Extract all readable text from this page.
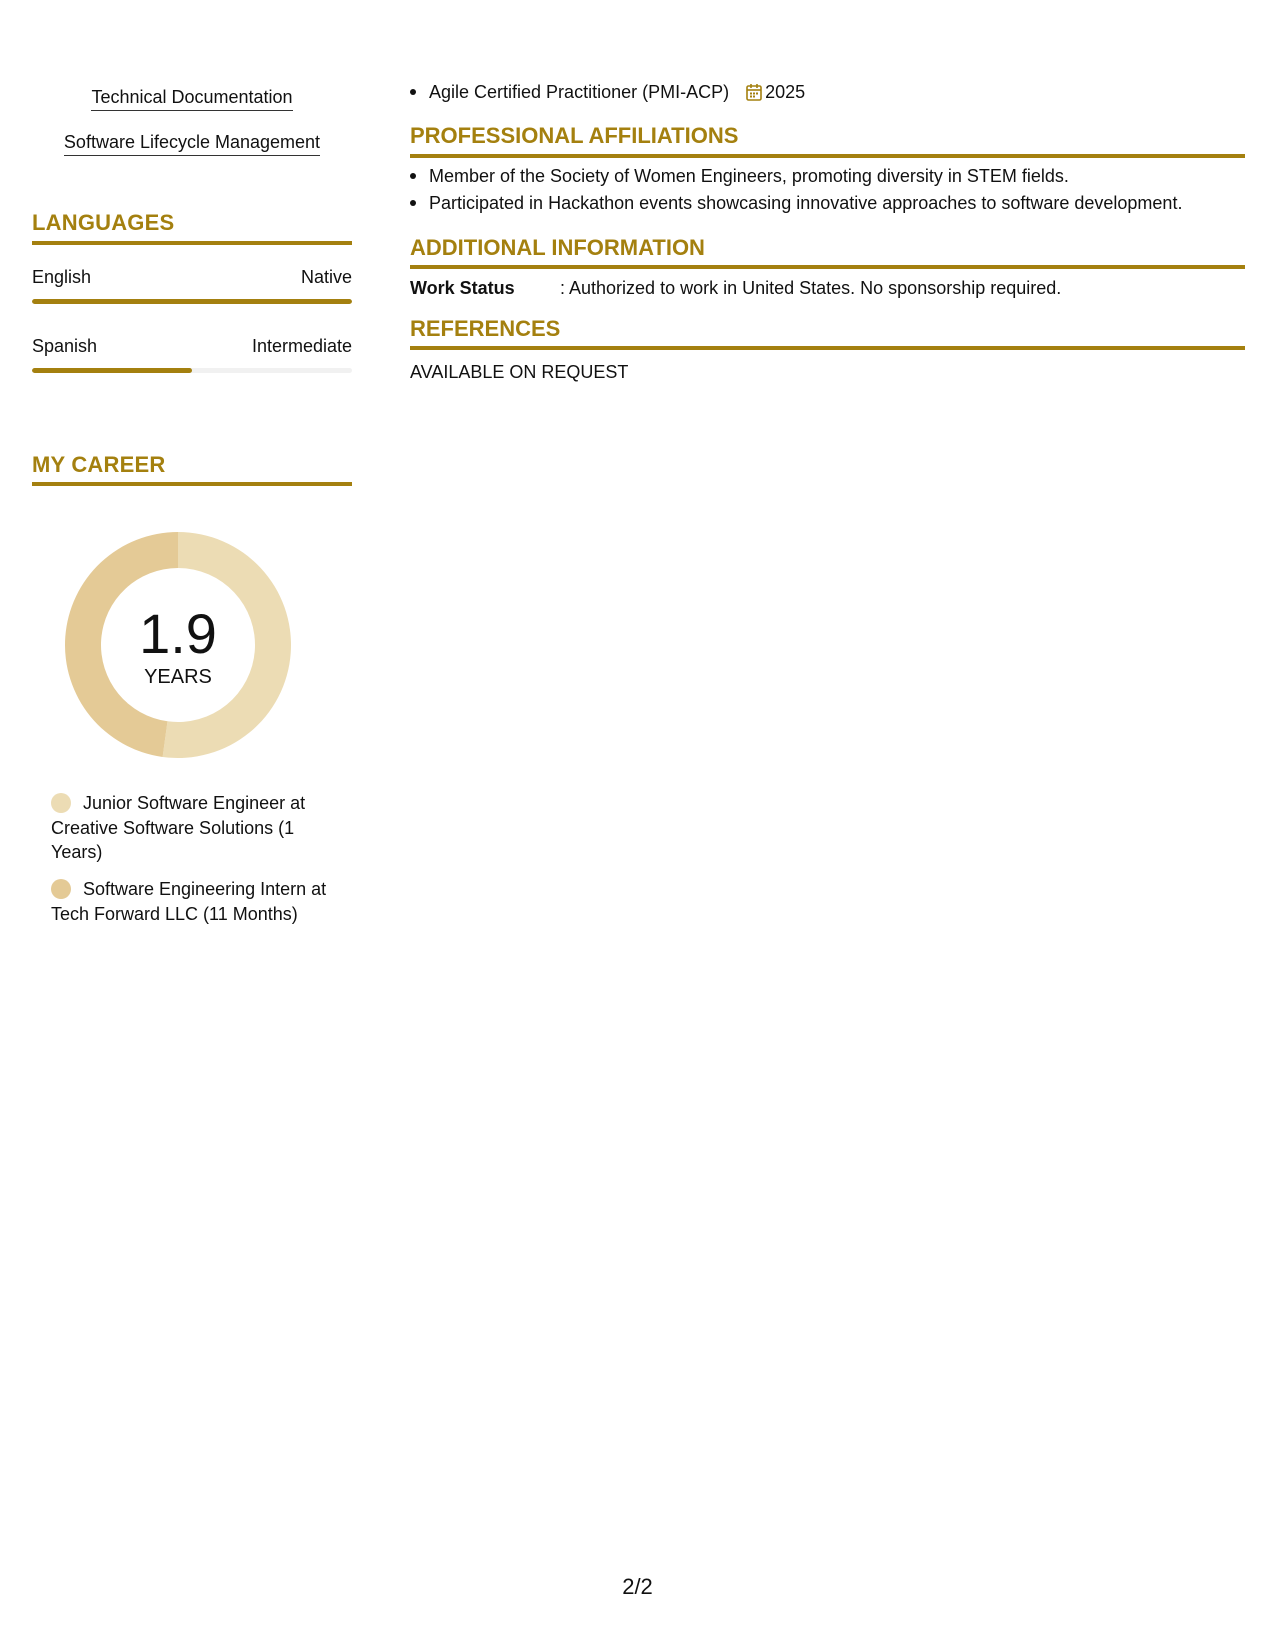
Technical Documentation
Software Lifecycle Management
LANGUAGES
English	Native
Spanish	Intermediate
MY CAREER
1.9
YEARS
Junior Software Engineer at Creative Software Solutions (1 Years)
Software Engineering Intern at Tech Forward LLC (11 Months)
Agile Certified Practitioner (PMI-ACP) 2025
PROFESSIONAL AFFILIATIONS
Member of the Society of Women Engineers, promoting diversity in STEM fields.
Participated in Hackathon events showcasing innovative approaches to software development.
ADDITIONAL INFORMATION
Work Status	: Authorized to work in United States. No sponsorship required.
REFERENCES
AVAILABLE ON REQUEST
2/2
